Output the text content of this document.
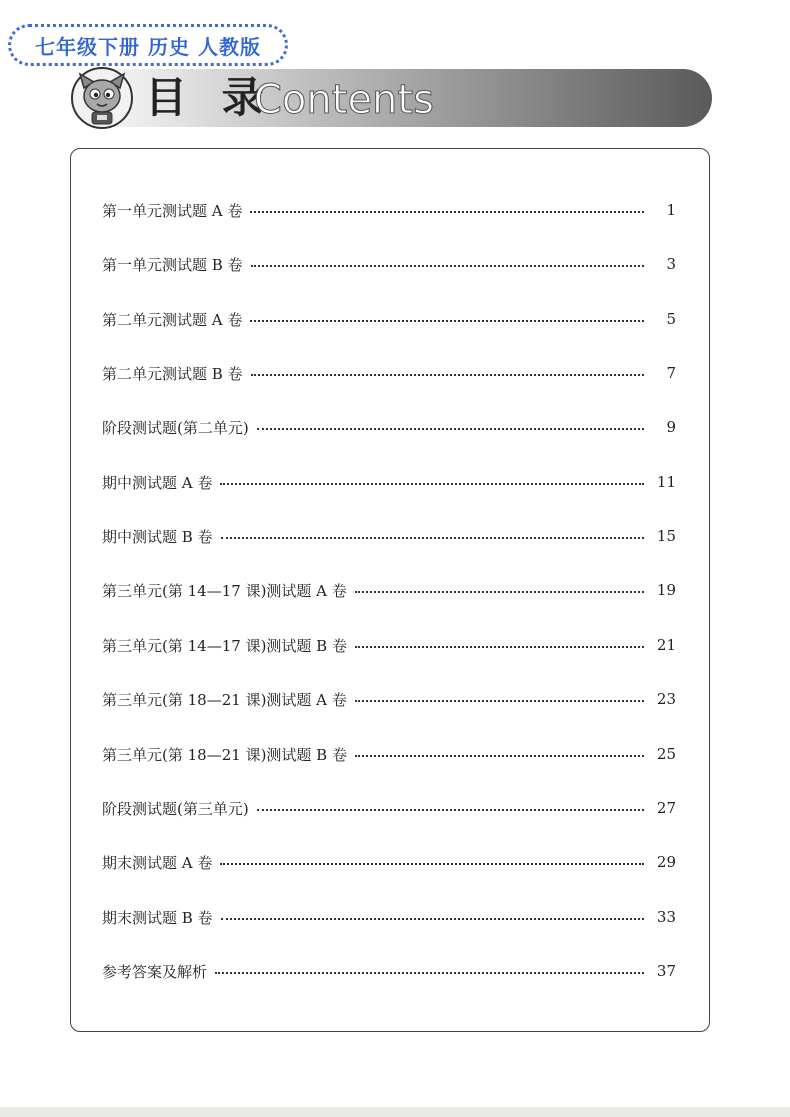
七年级下册 历史 人教版
目 录
Contents
第一单元测试题 A 卷	1
第一单元测试题 B 卷	3
第二单元测试题 A 卷	5
第二单元测试题 B 卷	7
阶段测试题(第二单元)	9
期中测试题 A 卷	11
期中测试题 B 卷	15
第三单元(第 14—17 课)测试题 A 卷	19
第三单元(第 14—17 课)测试题 B 卷	21
第三单元(第 18—21 课)测试题 A 卷	23
第三单元(第 18—21 课)测试题 B 卷	25
阶段测试题(第三单元)	27
期末测试题 A 卷	29
期末测试题 B 卷	33
参考答案及解析	37
